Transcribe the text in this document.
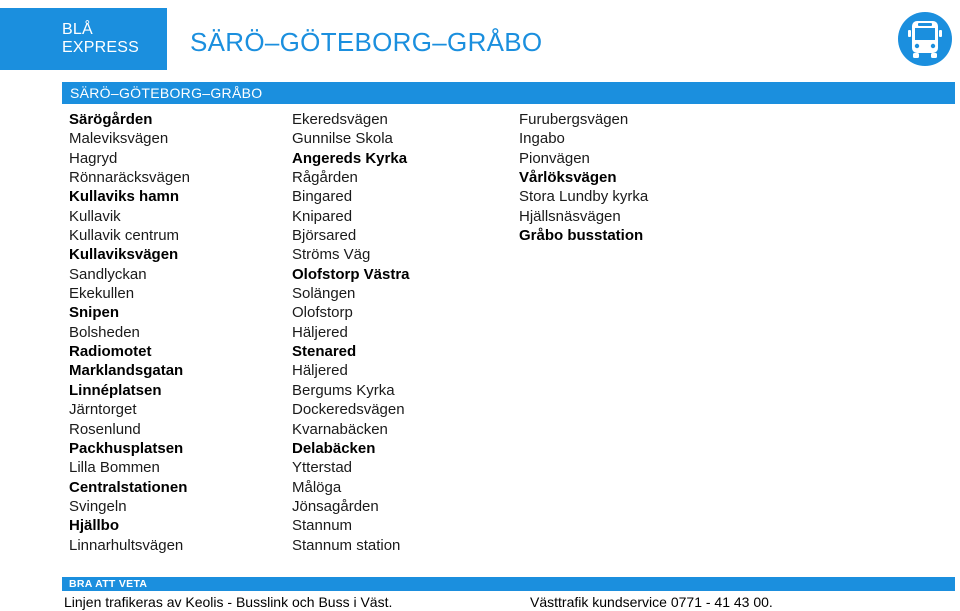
BLÅ EXPRESS	SÄRÖ–GÖTEBORG–GRÅBO
SÄRÖ–GÖTEBORG–GRÅBO
Särögården
Maleviksvägen
Hagryd
Rönnaräcksvägen
Kullaviks hamn
Kullavik
Kullavik centrum
Kullaviksvägen
Sandlyckan
Ekekullen
Snipen
Bolsheden
Radiomotet
Marklandsgatan
Linnéplatsen
Järntorget
Rosenlund
Packhusplatsen
Lilla Bommen
Centralstationen
Svingeln
Hjällbo
Linnarhultsvägen
Ekeredsvägen
Gunnilse Skola
Angereds Kyrka
Rågården
Bingared
Knipared
Björsared
Ströms Väg
Olofstorp Västra
Solängen
Olofstorp
Häljered
Stenared
Häljered
Bergums Kyrka
Dockeredsvägen
Kvarnabäcken
Delabäcken
Ytterstad
Målöga
Jönsagården
Stannum
Stannum station
Furubergsvägen
Ingabo
Pionvägen
Vårlöksvägen
Stora Lundby kyrka
Hjällsnäsvägen
Gråbo busstation
BRA ATT VETA
Linjen trafikeras av Keolis - Busslink och Buss i Väst.	Västtrafik kundservice 0771 - 41 43 00.
